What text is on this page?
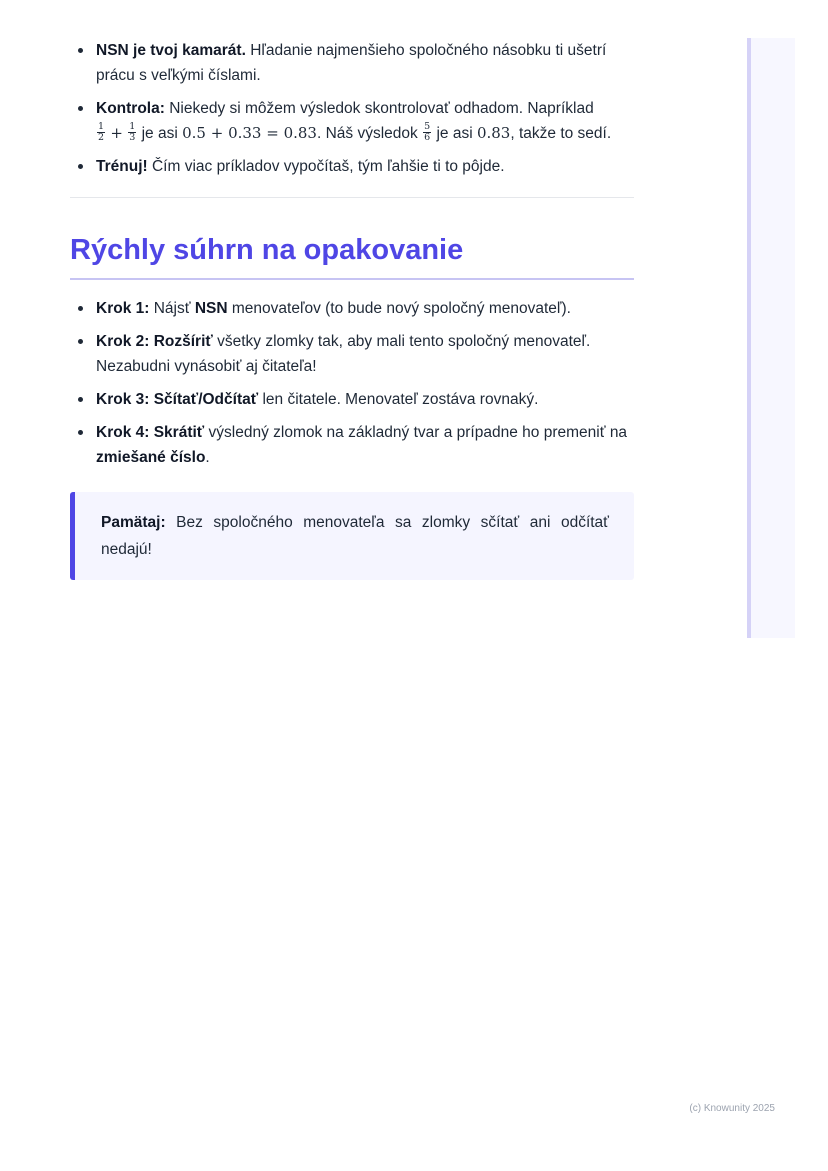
NSN je tvoj kamarát. Hľadanie najmenšieho spoločného násobku ti ušetrí prácu s veľkými číslami.
Kontrola: Niekedy si môžem výsledok skontrolovať odhadom. Napríklad

$\frac{1}{2} + \frac{1}{3}$ je asi 0.5 + 0.33 = 0.83. Náš výsledok $\frac{5}{6}$ je asi 0.83, takže to sedí.
Trénuj! Čím viac príkladov vypočítaš, tým ľahšie ti to pôjde.
Rýchly súhrn na opakovanie
Krok 1: Nájsť NSN menovateľov (to bude nový spoločný menovateľ).
Krok 2: Rozšíriť všetky zlomky tak, aby mali tento spoločný menovateľ. Nezabudni vynásobiť aj čitateľa!
Krok 3: Sčítať/Odčítať len čitatele. Menovateľ zostáva rovnaký.
Krok 4: Skrátiť výsledný zlomok na základný tvar a prípadne ho premeniť na zmiešané číslo.
Pamätaj: Bez spoločného menovateľa sa zlomky sčítať ani odčítať nedajú!
(c) Knowunity 2025
